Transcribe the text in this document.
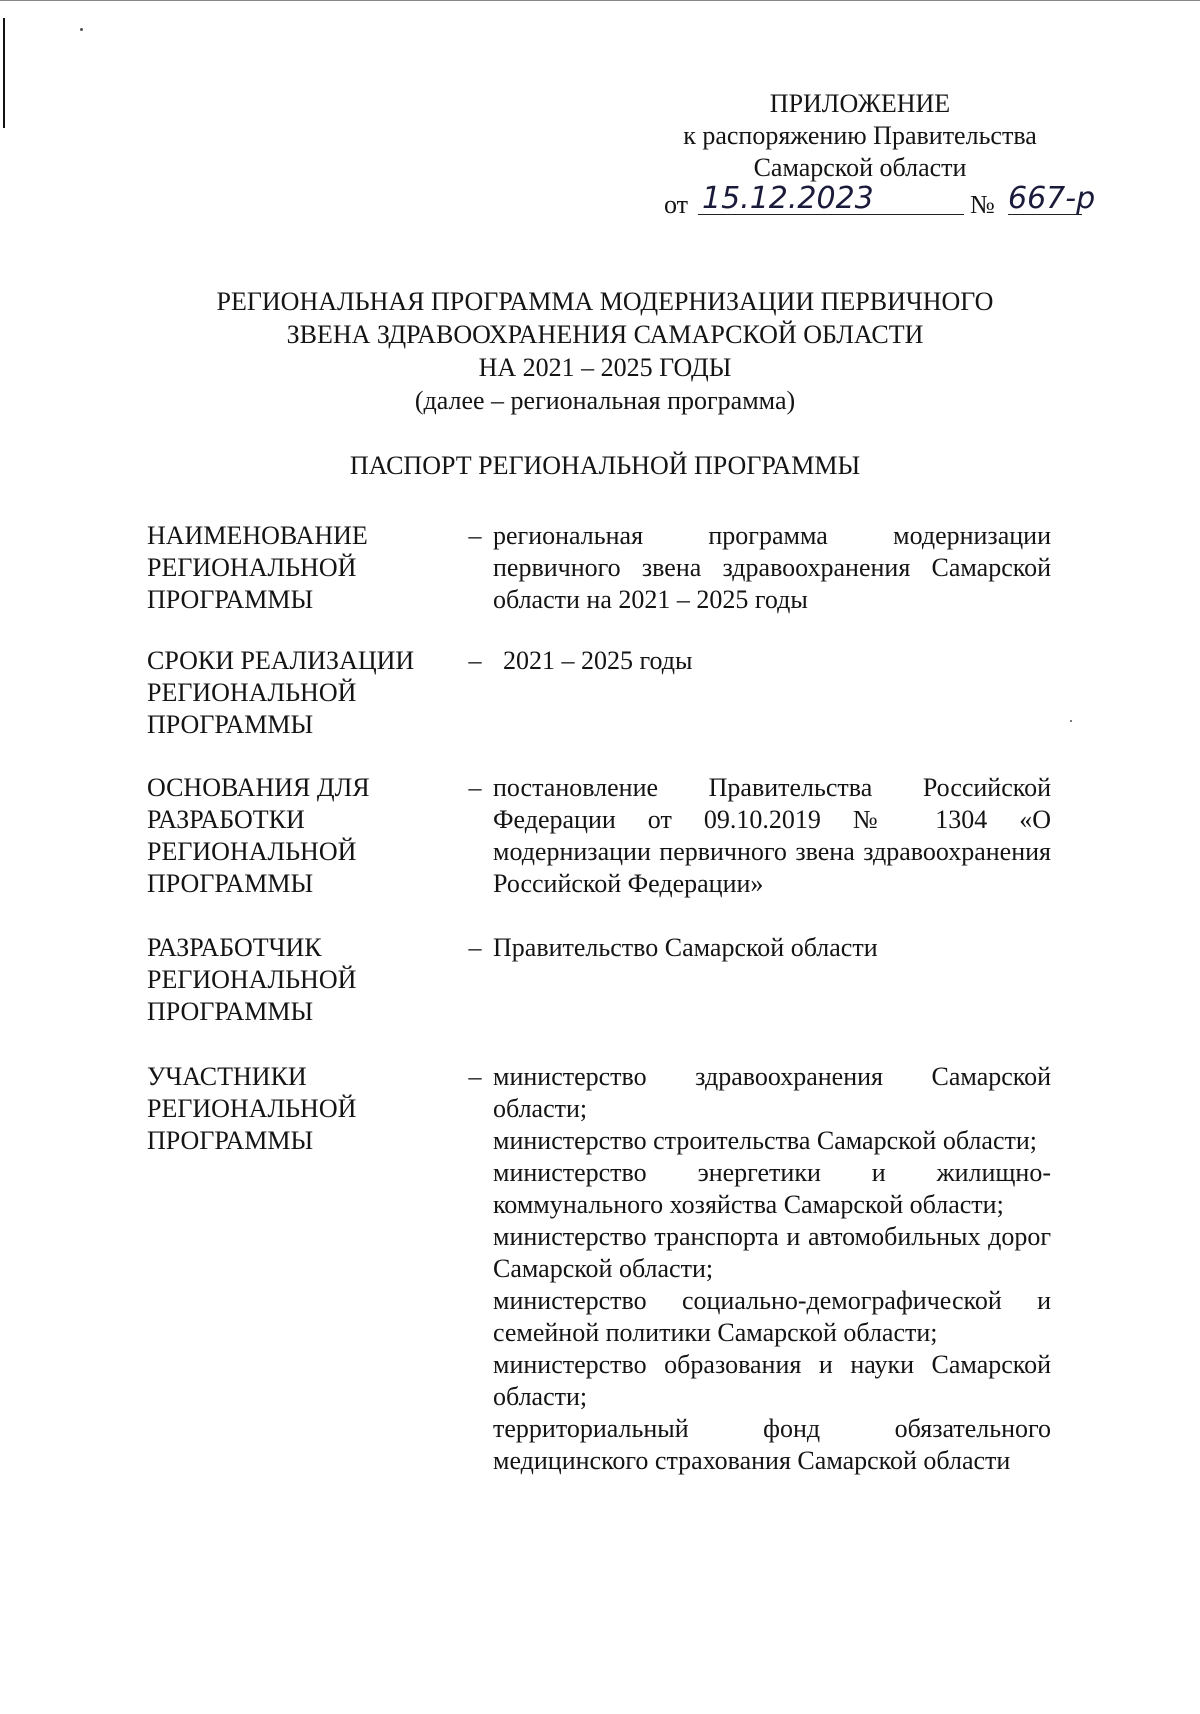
ПРИЛОЖЕНИЕ
к распоряжению Правительства
Самарской области
от 15.12.2023	№ 667-р
РЕГИОНАЛЬНАЯ ПРОГРАММА МОДЕРНИЗАЦИИ ПЕРВИЧНОГО
ЗВЕНА ЗДРАВООХРАНЕНИЯ САМАРСКОЙ ОБЛАСТИ
НА 2021 – 2025 ГОДЫ
(далее – региональная программа)
ПАСПОРТ РЕГИОНАЛЬНОЙ ПРОГРАММЫ
НАИМЕНОВАНИЕ
РЕГИОНАЛЬНОЙ
ПРОГРАММЫ
– региональная программа модернизации первичного звена здравоохранения Самарской области на 2021 – 2025 годы

СРОКИ РЕАЛИЗАЦИИ
РЕГИОНАЛЬНОЙ
ПРОГРАММЫ
– 2021 – 2025 годы

ОСНОВАНИЯ ДЛЯ
РАЗРАБОТКИ
РЕГИОНАЛЬНОЙ
ПРОГРАММЫ
– постановление Правительства Российской Федерации от 09.10.2019 № 1304 «О модернизации первичного звена здравоохранения Российской Федерации»

РАЗРАБОТЧИК
РЕГИОНАЛЬНОЙ
ПРОГРАММЫ
– Правительство Самарской области

УЧАСТНИКИ
РЕГИОНАЛЬНОЙ
ПРОГРАММЫ
– министерство здравоохранения Самарской области;

министерство строительства Самарской области;

министерство энергетики и жилищно-коммунального хозяйства Самарской области;

министерство транспорта и автомобильных дорог Самарской области;

министерство социально-демографической и семейной политики Самарской области;

министерство образования и науки Самарской области;

территориальный фонд обязательного медицинского страхования Самарской области
